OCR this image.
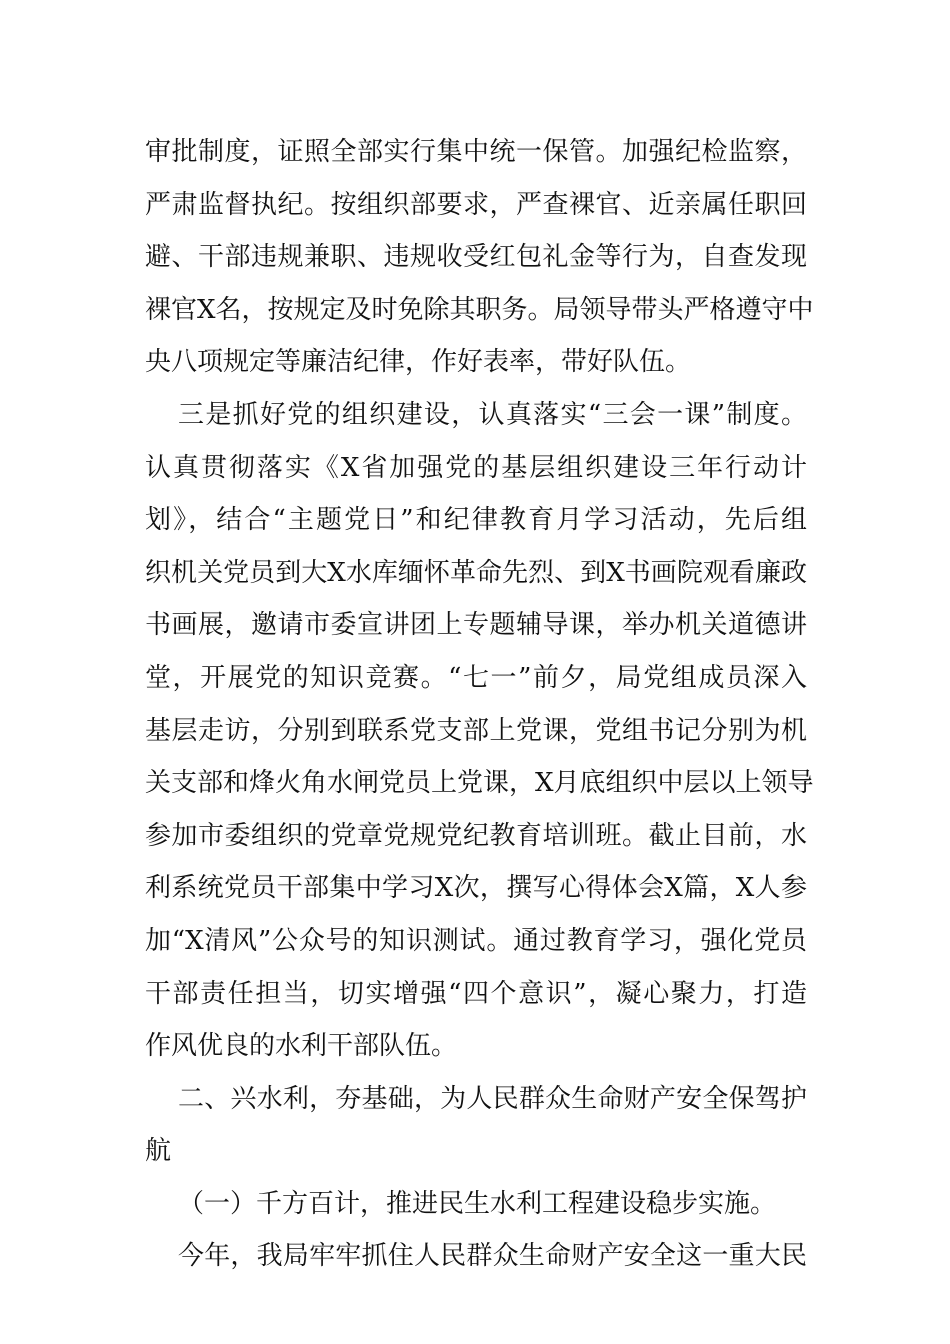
审批制度，证照全部实行集中统一保管。加强纪检监察，
严肃监督执纪。按组织部要求，严查裸官、近亲属任职回
避、干部违规兼职、违规收受红包礼金等行为，自查发现
裸官X名，按规定及时免除其职务。局领导带头严格遵守中
央八项规定等廉洁纪律，作好表率，带好队伍。
三是抓好党的组织建设，认真落实“三会一课”制度。
认真贯彻落实《X省加强党的基层组织建设三年行动计
划》，结合“主题党日”和纪律教育月学习活动，先后组
织机关党员到大X水库缅怀革命先烈、到X书画院观看廉政
书画展，邀请市委宣讲团上专题辅导课，举办机关道德讲
堂，开展党的知识竞赛。“七一”前夕，局党组成员深入
基层走访，分别到联系党支部上党课，党组书记分别为机
关支部和烽火角水闸党员上党课，X月底组织中层以上领导
参加市委组织的党章党规党纪教育培训班。截止目前，水
利系统党员干部集中学习X次，撰写心得体会X篇，X人参
加“X清风”公众号的知识测试。通过教育学习，强化党员
干部责任担当，切实增强“四个意识”，凝心聚力，打造
作风优良的水利干部队伍。
二、兴水利，夯基础，为人民群众生命财产安全保驾护
航
（一）千方百计，推进民生水利工程建设稳步实施。
今年，我局牢牢抓住人民群众生命财产安全这一重大民
